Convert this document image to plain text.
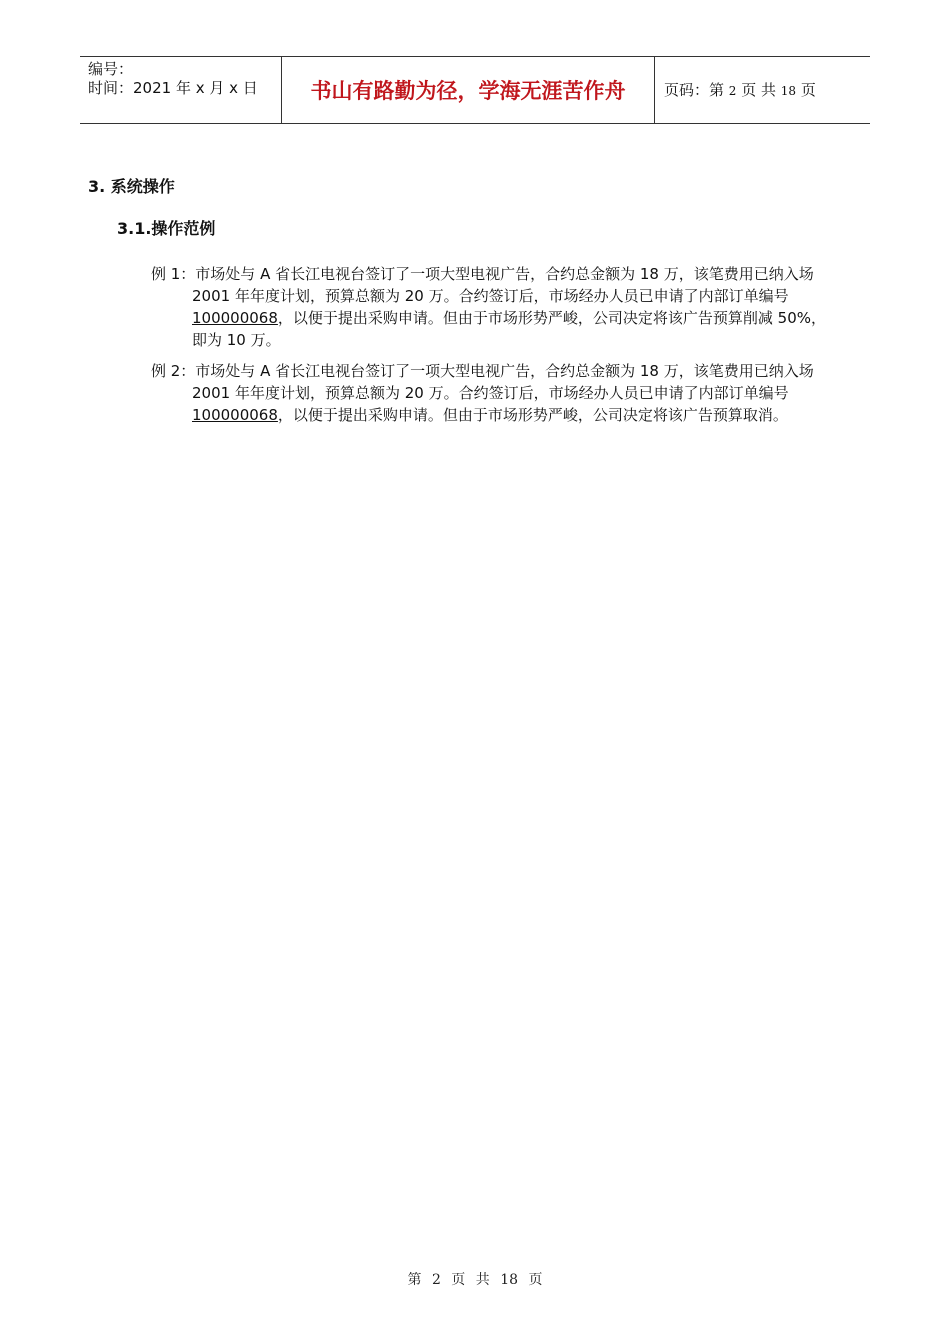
编号：
时间：2021 年 x 月 x 日	书山有路勤为径，学海无涯苦作舟	页码：第 2 页 共 18 页
3. 系统操作
3.1.操作范例
例 1：市场处与 A 省长江电视台签订了一项大型电视广告，合约总金额为 18 万，该笔费用已纳入场
2001 年年度计划，预算总额为 20 万。合约签订后，市场经办人员已申请了内部订单编号
100000068，以便于提出采购申请。但由于市场形势严峻，公司决定将该广告预算削减 50%，
即为 10 万。
例 2：市场处与 A 省长江电视台签订了一项大型电视广告，合约总金额为 18 万，该笔费用已纳入场
2001 年年度计划，预算总额为 20 万。合约签订后，市场经办人员已申请了内部订单编号
100000068，以便于提出采购申请。但由于市场形势严峻，公司决定将该广告预算取消。
第 2 页 共 18 页
